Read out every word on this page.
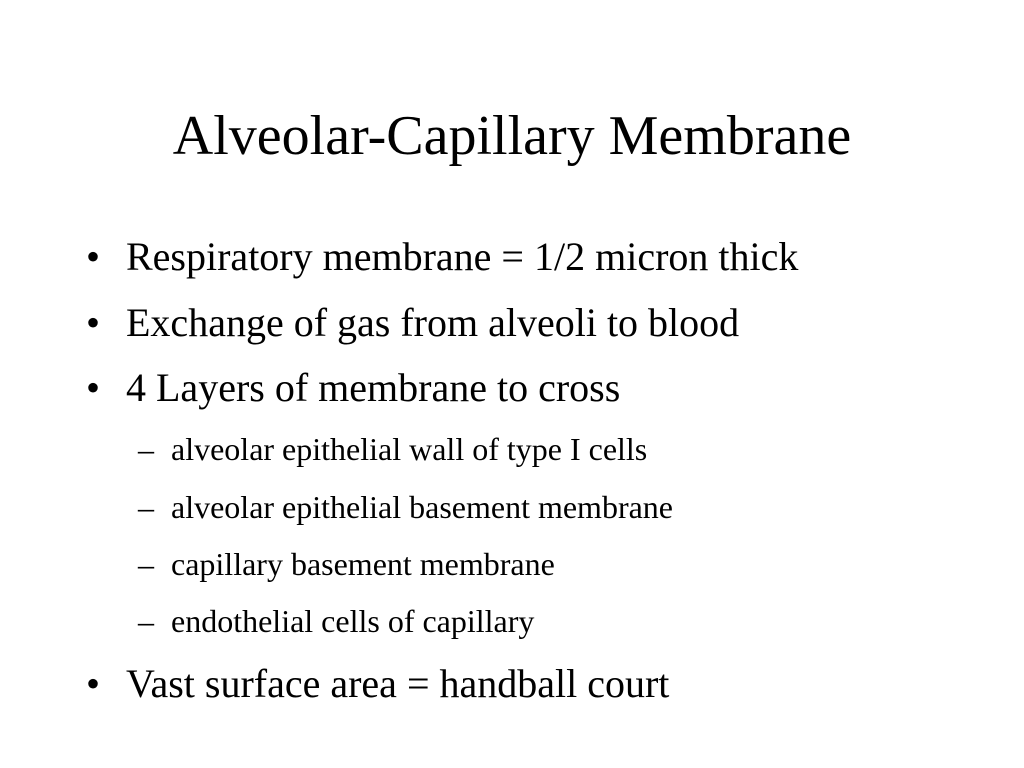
Alveolar-Capillary Membrane
• Respiratory membrane = 1/2 micron thick
• Exchange of gas from alveoli to blood
• 4 Layers of membrane to cross
– alveolar epithelial wall of type I cells
– alveolar epithelial basement membrane
– capillary basement membrane
– endothelial cells of capillary
• Vast surface area = handball court
